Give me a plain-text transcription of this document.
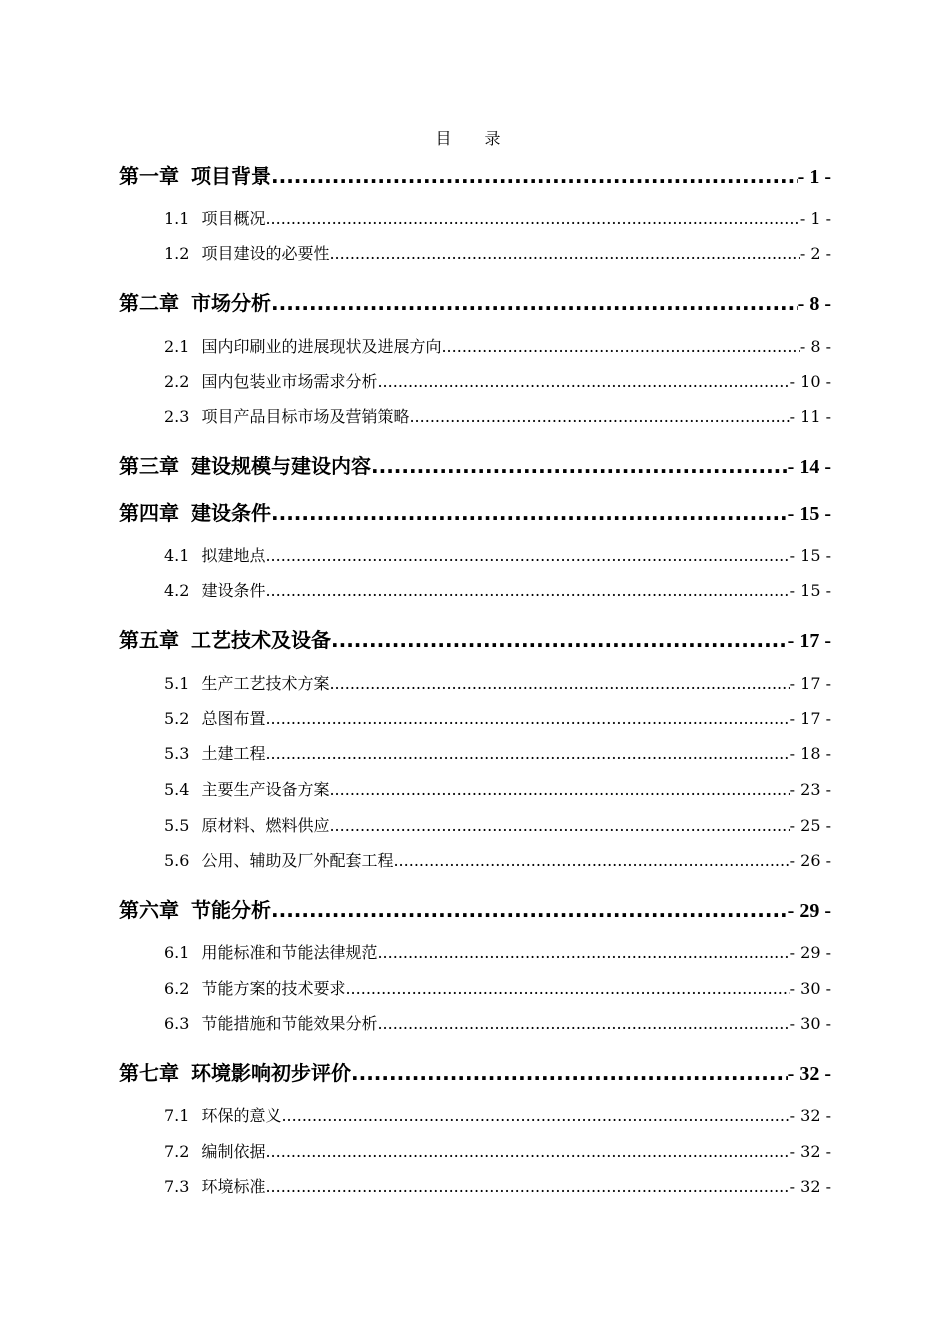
目 录
第一章 项目背景 .....	- 1 -
1.1 项目概况 .....	- 1 -
1.2 项目建设的必要性 .....	- 2 -
第二章 市场分析 .....	- 8 -
2.1 国内印刷业的进展现状及进展方向 .....	- 8 -
2.2 国内包装业市场需求分析 .....	- 10 -
2.3 项目产品目标市场及营销策略 .....	- 11 -
第三章 建设规模与建设内容 .....	- 14 -
第四章 建设条件 .....	- 15 -
4.1 拟建地点 .....	- 15 -
4.2 建设条件 .....	- 15 -
第五章 工艺技术及设备 .....	- 17 -
5.1 生产工艺技术方案 .....	- 17 -
5.2 总图布置 .....	- 17 -
5.3 土建工程 .....	- 18 -
5.4 主要生产设备方案 .....	- 23 -
5.5 原材料、燃料供应 .....	- 25 -
5.6 公用、辅助及厂外配套工程 .....	- 26 -
第六章 节能分析 .....	- 29 -
6.1 用能标准和节能法律规范 .....	- 29 -
6.2 节能方案的技术要求 .....	- 30 -
6.3 节能措施和节能效果分析 .....	- 30 -
第七章 环境影响初步评价 .....	- 32 -
7.1 环保的意义 .....	- 32 -
7.2 编制依据 .....	- 32 -
7.3 环境标准 .....	- 32 -
